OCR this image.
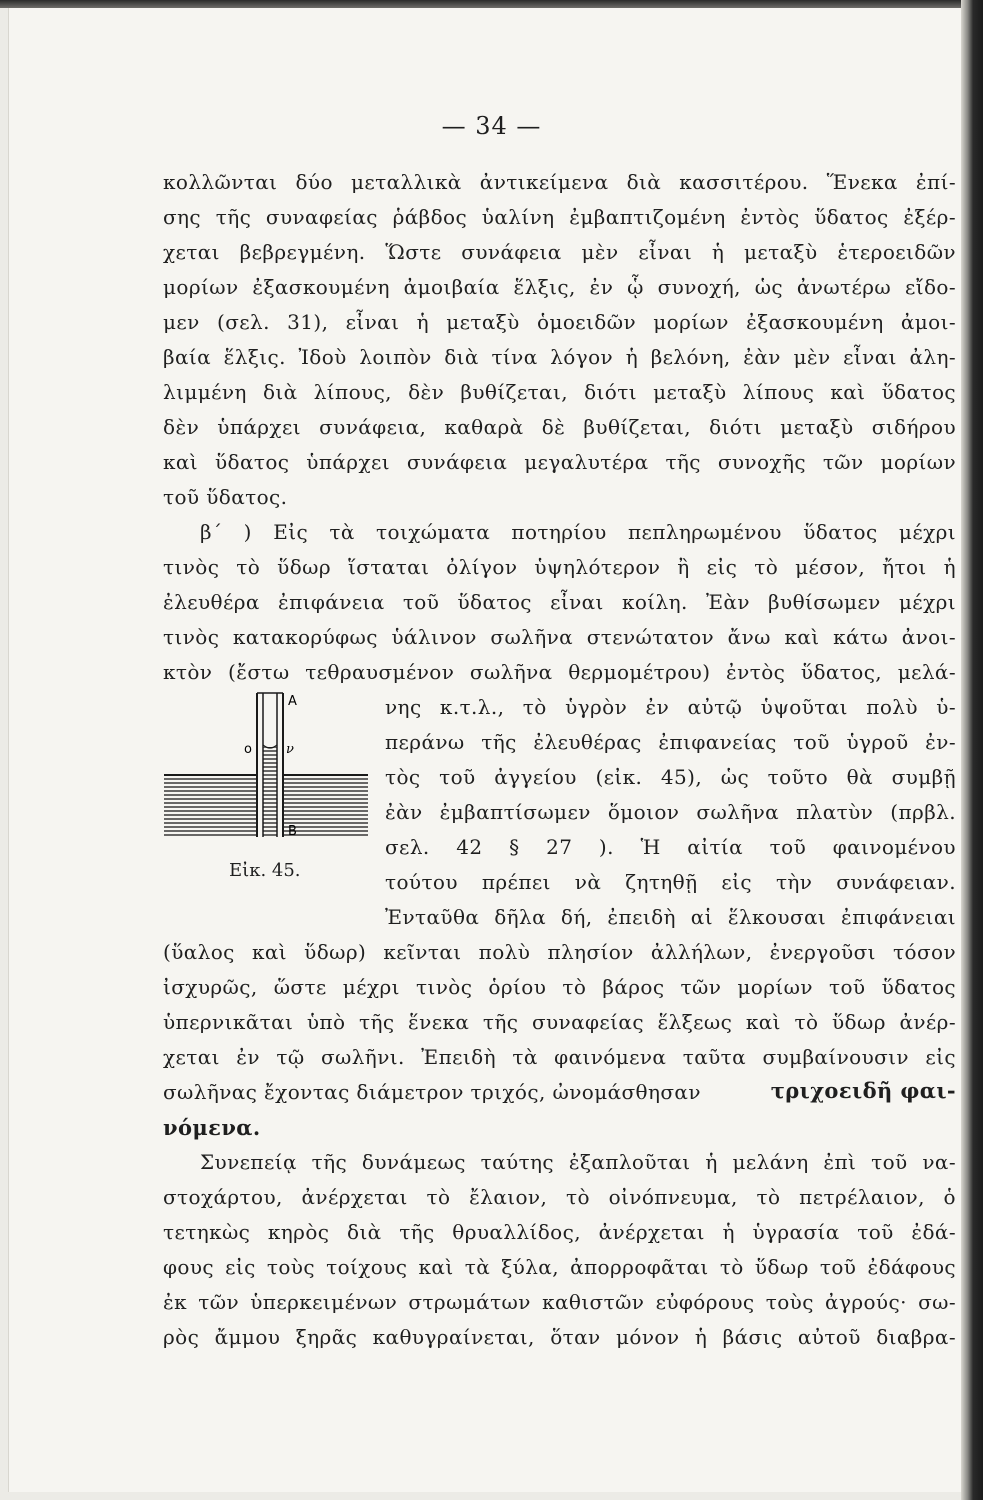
— 34 —
κολλῶνται δύο μεταλλικὰ ἀντικείμενα διὰ κασσιτέρου. Ἕνεκα ἐπί-
σης τῆς συναφείας ῥάβδος ὑαλίνη ἐμβαπτιζομένη ἐντὸς ὕδατος ἐξέρ-
χεται βεβρεγμένη. Ὥστε συνάφεια μὲν εἶναι ἡ μεταξὺ ἑτεροειδῶν
μορίων ἐξασκουμένη ἀμοιβαία ἕλξις, ἐν ᾧ συνοχή, ὡς ἀνωτέρω εἴδο-
μεν (σελ. 31), εἶναι ἡ μεταξὺ ὁμοειδῶν μορίων ἐξασκουμένη ἀμοι-
βαία ἕλξις. Ἰδοὺ λοιπὸν διὰ τίνα λόγον ἡ βελόνη, ἐὰν μὲν εἶναι ἀλη-
λιμμένη διὰ λίπους, δὲν βυθίζεται, διότι μεταξὺ λίπους καὶ ὕδατος
δὲν ὑπάρχει συνάφεια, καθαρὰ δὲ βυθίζεται, διότι μεταξὺ σιδήρου
καὶ ὕδατος ὑπάρχει συνάφεια μεγαλυτέρα τῆς συνοχῆς τῶν μορίων
τοῦ ὕδατος.
β΄ ) Εἰς τὰ τοιχώματα ποτηρίου πεπληρωμένου ὕδατος μέχρι
τινὸς τὸ ὕδωρ ἵσταται ὀλίγον ὑψηλότερον ἢ εἰς τὸ μέσον, ἤτοι ἡ
ἐλευθέρα ἐπιφάνεια τοῦ ὕδατος εἶναι κοίλη. Ἐὰν βυθίσωμεν μέχρι
τινὸς κατακορύφως ὑάλινον σωλῆνα στενώτατον ἄνω καὶ κάτω ἀνοι-
κτὸν (ἔστω τεθραυσμένον σωλῆνα θερμομέτρου) ἐντὸς ὕδατος, μελά-
νης κ.τ.λ., τὸ ὑγρὸν ἐν αὐτῷ ὑψοῦται πολὺ ὑ-
περάνω τῆς ἐλευθέρας ἐπιφανείας τοῦ ὑγροῦ ἐν-
τὸς τοῦ ἀγγείου (εἰκ. 45), ὡς τοῦτο θὰ συμβῇ
ἐὰν ἐμβαπτίσωμεν ὅμοιον σωλῆνα πλατὺν (πρβλ.
σελ. 42 § 27 ). Ἡ αἰτία τοῦ φαινομένου
τούτου πρέπει νὰ ζητηθῇ εἰς τὴν συνάφειαν.
Ἐνταῦθα δῆλα δή, ἐπειδὴ αἱ ἕλκουσαι ἐπιφάνειαι
A
B
o	ν
Εἰκ. 45.
(ὕαλος καὶ ὕδωρ) κεῖνται πολὺ πλησίον ἀλλήλων, ἐνεργοῦσι τόσον
ἰσχυρῶς, ὥστε μέχρι τινὸς ὁρίου τὸ βάρος τῶν μορίων τοῦ ὕδατος
ὑπερνικᾶται ὑπὸ τῆς ἕνεκα τῆς συναφείας ἕλξεως καὶ τὸ ὕδωρ ἀνέρ-
χεται ἐν τῷ σωλῆνι. Ἐπειδὴ τὰ φαινόμενα ταῦτα συμβαίνουσιν εἰς
σωλῆνας ἔχοντας διάμετρον τριχός, ὠνομάσθησαν	τριχοειδῆ φαι-
νόμενα.
Συνεπείᾳ τῆς δυνάμεως ταύτης ἐξαπλοῦται ἡ μελάνη ἐπὶ τοῦ να-
στοχάρτου, ἀνέρχεται τὸ ἔλαιον, τὸ οἰνόπνευμα, τὸ πετρέλαιον, ὁ
τετηκὼς κηρὸς διὰ τῆς θρυαλλίδος, ἀνέρχεται ἡ ὑγρασία τοῦ ἐδά-
φους εἰς τοὺς τοίχους καὶ τὰ ξύλα, ἀπορροφᾶται τὸ ὕδωρ τοῦ ἐδάφους
ἐκ τῶν ὑπερκειμένων στρωμάτων καθιστῶν εὐφόρους τοὺς ἀγρούς· σω-
ρὸς ἄμμου ξηρᾶς καθυγραίνεται, ὅταν μόνον ἡ βάσις αὐτοῦ διαβρα-
